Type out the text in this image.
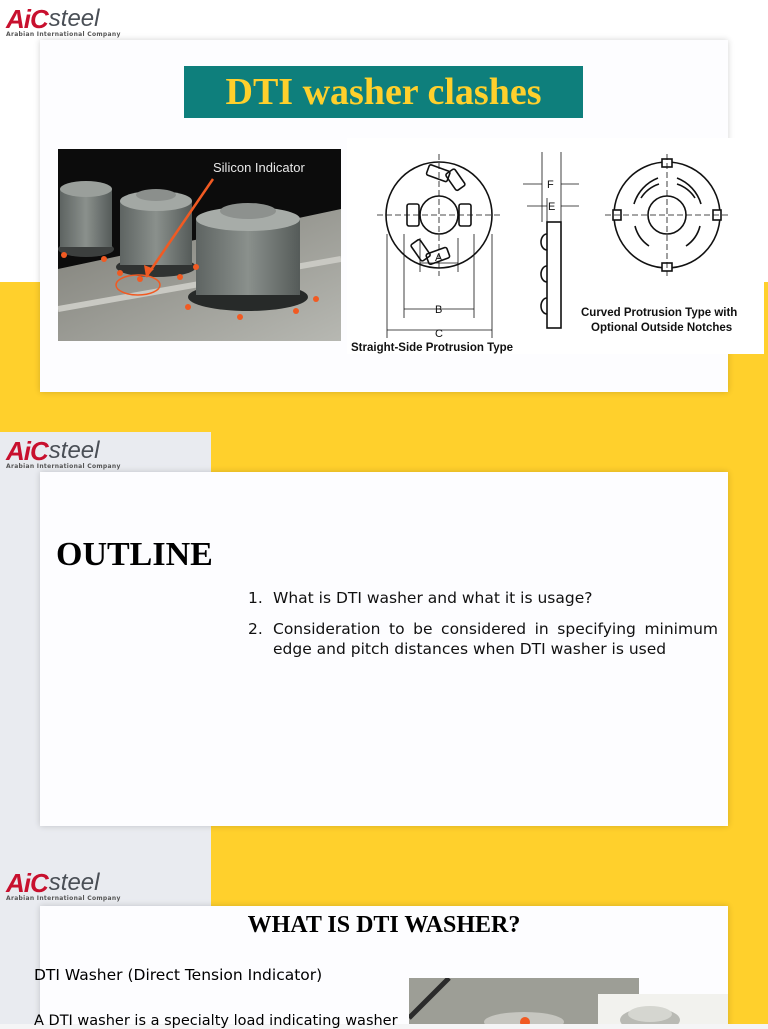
AiC steel
Arabian International Company
DTI washer clashes
Silicon Indicator
A
B
C
F
E
Curved Protrusion Type with
Optional Outside Notches
Straight-Side Protrusion Type
AiC steel
Arabian International Company
OUTLINE
1. What is DTI washer and what it is usage?
2. Consideration to be considered in specifying minimum edge and pitch distances when DTI washer is used
AiC steel
Arabian International Company
WHAT IS DTI WASHER?
DTI Washer (Direct Tension Indicator)
A DTI washer is a specialty load indicating washer
